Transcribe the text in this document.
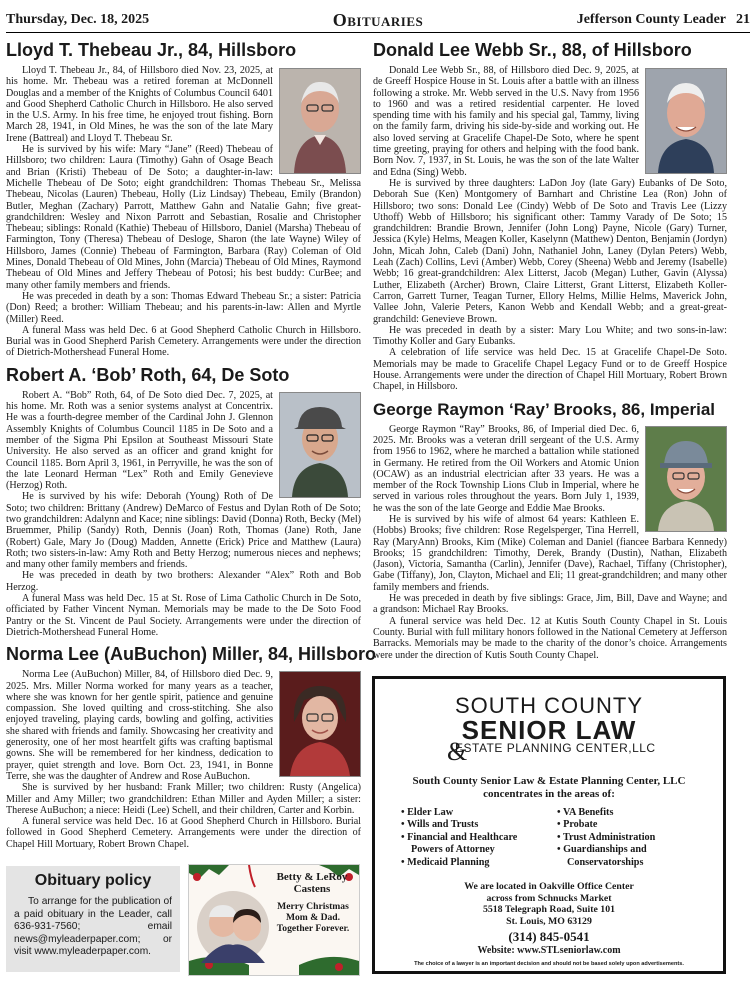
Thursday, Dec. 18, 2025	Obituaries	Jefferson County Leader 21
Lloyd T. Thebeau Jr., 84, Hillsboro

Lloyd T. Thebeau Jr., 84, of Hillsboro died Nov. 23, 2025, at his home. Mr. Thebeau was a retired foreman at McDonnell Douglas and a member of the Knights of Columbus Council 6401 and Good Shepherd Catholic Church in Hillsboro. He also served in the U.S. Army. In his free time, he enjoyed trout fishing. Born March 28, 1941, in Old Mines, he was the son of the late Mary Irene (Battreal) and Lloyd T. Thebeau Sr.

He is survived by his wife: Mary “Jane” (Reed) Thebeau of Hillsboro; two children: Laura (Timothy) Gahn of Osage Beach and Brian (Kristi) Thebeau of De Soto; a daughter-in-law: Michelle Thebeau of De Soto; eight grandchildren: Thomas Thebeau Sr., Melissa Thebeau, Nicolas (Lauren) Thebeau, Holly (Liz Lindsay) Thebeau, Emily (Brandon) Butler, Meghan (Zachary) Parrott, Matthew Gahn and Natalie Gahn; five great-grandchildren: Wesley and Nixon Parrott and Sebastian, Rosalie and Christopher Thebeau; siblings: Ronald (Kathie) Thebeau of Hillsboro, Daniel (Marsha) Thebeau of Farmington, Tony (Theresa) Thebeau of Desloge, Sharon (the late Wayne) Wiley of Hillsboro, James (Connie) Thebeau of Farmington, Barbara (Ray) Coleman of Old Mines, Donald Thebeau of Old Mines, John (Marcia) Thebeau of Old Mines, Raymond Thebeau of Old Mines and Jeffery Thebeau of Potosi; his best buddy: CurBee; and many other family members and friends.

He was preceded in death by a son: Thomas Edward Thebeau Sr.; a sister: Patricia (Don) Reed; a brother: William Thebeau; and his parents-in-law: Allen and Myrtle (Miller) Reed.

A funeral Mass was held Dec. 6 at Good Shepherd Catholic Church in Hillsboro. Burial was in Good Shepherd Parish Cemetery. Arrangements were under the direction of Dietrich-Mothershead Funeral Home.

Robert A. ‘Bob’ Roth, 64, De Soto

Robert A. “Bob” Roth, 64, of De Soto died Dec. 7, 2025, at his home. Mr. Roth was a senior systems analyst at Concentrix. He was a fourth-degree member of the Cardinal John J. Glennon Assembly Knights of Columbus Council 1185 in De Soto and a member of the Sigma Phi Epsilon at Southeast Missouri State University. He also served as an officer and grand knight for Council 1185. Born April 3, 1961, in Perryville, he was the son of the late Leonard Herman “Lex” Roth and Emily Genevieve (Herzog) Roth.

He is survived by his wife: Deborah (Young) Roth of De Soto; two children: Brittany (Andrew) DeMarco of Festus and Dylan Roth of De Soto; two grandchildren: Adalynn and Kace; nine siblings: David (Donna) Roth, Becky (Mel) Bruemmer, Philip (Sandy) Roth, Dennis (Joan) Roth, Thomas (Jane) Roth, Jane (Robert) Gale, Mary Jo (Doug) Madden, Annette (Erick) Price and Matthew (Laura) Roth; two sisters-in-law: Amy Roth and Betty Herzog; numerous nieces and nephews; and many other family members and friends.

He was preceded in death by two brothers: Alexander “Alex” Roth and Bob Herzog.

A funeral Mass was held Dec. 15 at St. Rose of Lima Catholic Church in De Soto, officiated by Father Vincent Nyman. Memorials may be made to the De Soto Food Pantry or the St. Vincent de Paul Society. Arrangements were under the direction of Dietrich-Mothershead Funeral Home.

Norma Lee (AuBuchon) Miller, 84, Hillsboro

Norma Lee (AuBuchon) Miller, 84, of Hillsboro died Dec. 9, 2025. Mrs. Miller Norma worked for many years as a teacher, where she was known for her gentle spirit, patience and genuine compassion. She loved quilting and cross-stitching. She also enjoyed traveling, playing cards, bowling and golfing, activities she shared with friends and family. Showcasing her creativity and generosity, one of her most heartfelt gifts was crafting baptismal gowns. She will be remembered for her kindness, dedication to prayer, quiet strength and love. Born Oct. 23, 1941, in Bonne Terre, she was the daughter of Andrew and Rose AuBuchon.

She is survived by her husband: Frank Miller; two children: Rusty (Angelica) Miller and Amy Miller; two grandchildren: Ethan Miller and Ayden Miller; a sister: Therese AuBuchon; a niece: Heidi (Lee) Schell, and their children, Carter and Korbin.

A funeral service was held Dec. 16 at Good Shepherd Church in Hillsboro. Burial followed in Good Shepherd Cemetery. Arrangements were under the direction of Chapel Hill Mortuary, Robert Brown Chapel.

Donald Lee Webb Sr., 88, of Hillsboro

Donald Lee Webb Sr., 88, of Hillsboro died Dec. 9, 2025, at de Greeff Hospice House in St. Louis after a battle with an illness following a stroke. Mr. Webb served in the U.S. Navy from 1956 to 1960 and was a retired residential carpenter. He loved spending time with his family and his special gal, Tammy, living on the family farm, driving his side-by-side and working out. He also loved serving at Gracelife Chapel-De Soto, where he spent time greeting, praying for others and helping with the food bank. Born Nov. 7, 1937, in St. Louis, he was the son of the late Walter and Edna (Sing) Webb.

He is survived by three daughters: LaDon Joy (late Gary) Eubanks of De Soto, Deborah Sue (Ken) Montgomery of Barnhart and Christine Lea (Ron) John of Hillsboro; two sons: Donald Lee (Cindy) Webb of De Soto and Travis Lee (Lizzy Uthoff) Webb of Hillsboro; his significant other: Tammy Varady of De Soto; 15 grandchildren: Brandie Brown, Jennifer (John Long) Payne, Nicole (Gary) Turner, Jessica (Kyle) Helms, Meagen Koller, Kaselynn (Matthew) Denton, Benjamin (Jordyn) John, Micah John, Caleb (Dani) John, Nathaniel John, Laney (Dylan Peters) Webb, Leah (Zach) Collins, Levi (Amber) Webb, Corey (Sheena) Webb and Jeremy (Isabelle) Webb; 16 great-grandchildren: Alex Litterst, Jacob (Megan) Luther, Gavin (Alyssa) Luther, Elizabeth (Archer) Brown, Claire Litterst, Grant Litterst, Elizabeth Koller-Carron, Garrett Turner, Teagan Turner, Ellory Helms, Millie Helms, Maverick John, Vallee John, Valerie Peters, Kanon Webb and Kendall Webb; and a great-great-grandchild: Genevieve Brown.

He was preceded in death by a sister: Mary Lou White; and two sons-in-law: Timothy Koller and Gary Eubanks.

A celebration of life service was held Dec. 15 at Gracelife Chapel-De Soto. Memorials may be made to Gracelife Chapel Legacy Fund or to de Greeff Hospice House. Arrangements were under the direction of Chapel Hill Mortuary, Robert Brown Chapel, in Hillsboro.

George Raymon ‘Ray’ Brooks, 86, Imperial

George Raymon “Ray” Brooks, 86, of Imperial died Dec. 6, 2025. Mr. Brooks was a veteran drill sergeant of the U.S. Army from 1956 to 1962, where he marched a battalion while stationed in Germany. He retired from the Oil Workers and Atomic Union (OCAW) as an industrial electrician after 33 years. He was a member of the Rock Township Lions Club in Imperial, where he served in various roles throughout the years. Born July 1, 1939, he was the son of the late George and Eddie Mae Brooks.

He is survived by his wife of almost 64 years: Kathleen E. (Hobbs) Brooks; five children: Rose Regelsperger, Tina Herrell, Ray (MaryAnn) Brooks, Kim (Mike) Coleman and Daniel (fiancee Barbara Kennedy) Brooks; 15 grandchildren: Timothy, Derek, Brandy (Dustin), Nathan, Elizabeth (Jason), Victoria, Samantha (Carlin), Jennifer (Dave), Rachael, Tiffany (Christopher), Gabe (Tiffany), Jon, Clayton, Michael and Eli; 11 great-grandchildren; and many other family members and friends.

He was preceded in death by five siblings: Grace, Jim, Bill, Dave and Wayne; and a grandson: Michael Ray Brooks.

A funeral service was held Dec. 12 at Kutis South County Chapel in St. Louis County. Burial with full military honors followed in the National Cemetery at Jefferson Barracks. Memorials may be made to the charity of the donor’s choice. Arrangements were under the direction of Kutis South County Chapel.

Obituary policy

To arrange for the publication of a paid obituary in the Leader, call 636-931-7560; email news@myleaderpaper.com; or visit www.myleaderpaper.com.

Betty & LeRoy Castens
Merry Christmas Mom & Dad. Together Forever.
SOUTH COUNTY
SENIOR LAW
&
ESTATE PLANNING CENTER,LLC
South County Senior Law & Estate Planning Center, LLC concentrates in the areas of:
• Elder Law
• Wills and Trusts
• Financial and Healthcare Powers of Attorney
• Medicaid Planning
• VA Benefits
• Probate
• Trust Administration
• Guardianships and Conservatorships
We are located in Oakville Office Center
across from Schnucks Market
5518 Telegraph Road, Suite 101
St. Louis, MO 63129
(314) 845-0541
Website: www.STLseniorlaw.com
The choice of a lawyer is an important decision and should not be based solely upon advertisements.
